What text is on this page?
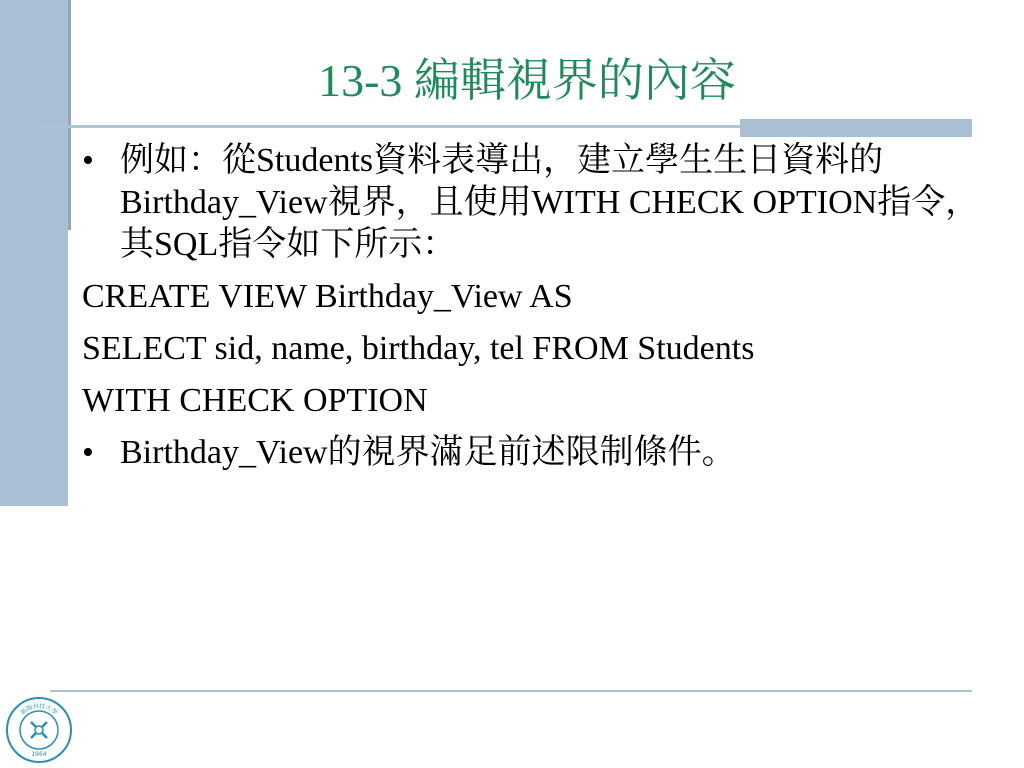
13-3 編輯視界的內容
• 例如：從Students資料表導出，建立學生生日資料的Birthday_View視界，且使用WITH CHECK OPTION指令，其SQL指令如下所示：
CREATE VIEW Birthday_View AS
SELECT sid, name, birthday, tel FROM Students
WITH CHECK OPTION
• Birthday_View的視界滿足前述限制條件。
新陶科技大學
1964
